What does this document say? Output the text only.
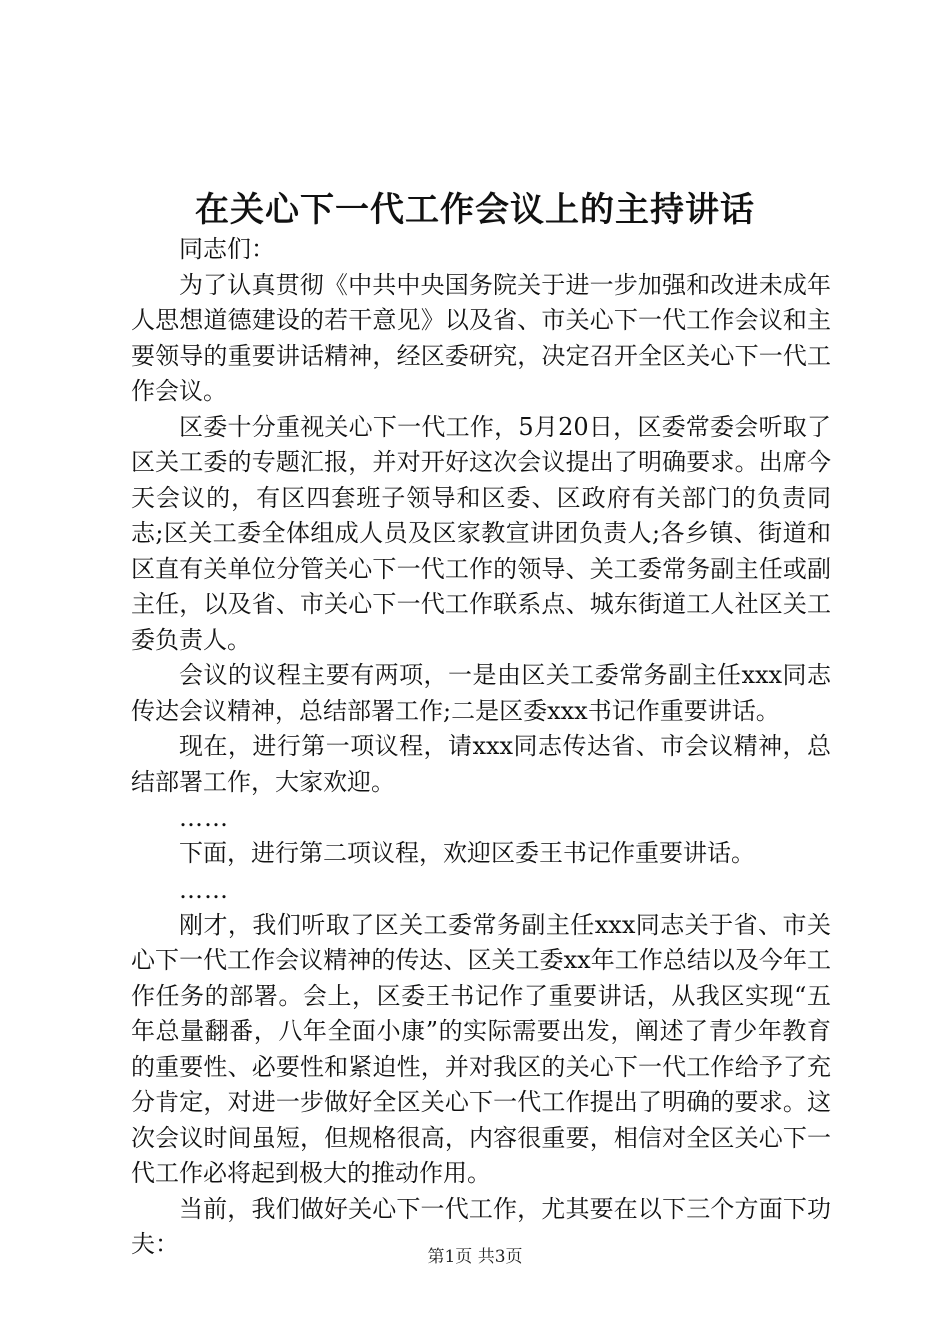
在关心下一代工作会议上的主持讲话

同志们：

为了认真贯彻《中共中央国务院关于进一步加强和改进未成年人思想道德建设的若干意见》以及省、市关心下一代工作会议和主要领导的重要讲话精神，经区委研究，决定召开全区关心下一代工作会议。

区委十分重视关心下一代工作，5月20日，区委常委会听取了区关工委的专题汇报，并对开好这次会议提出了明确要求。出席今天会议的，有区四套班子领导和区委、区政府有关部门的负责同志;区关工委全体组成人员及区家教宣讲团负责人;各乡镇、街道和区直有关单位分管关心下一代工作的领导、关工委常务副主任或副主任，以及省、市关心下一代工作联系点、城东街道工人社区关工委负责人。

会议的议程主要有两项，一是由区关工委常务副主任xxx同志传达会议精神，总结部署工作;二是区委xxx书记作重要讲话。

现在，进行第一项议程，请xxx同志传达省、市会议精神，总结部署工作，大家欢迎。

……

下面，进行第二项议程，欢迎区委王书记作重要讲话。

……

刚才，我们听取了区关工委常务副主任xxx同志关于省、市关心下一代工作会议精神的传达、区关工委xx年工作总结以及今年工作任务的部署。会上，区委王书记作了重要讲话，从我区实现“五年总量翻番，八年全面小康”的实际需要出发，阐述了青少年教育的重要性、必要性和紧迫性，并对我区的关心下一代工作给予了充分肯定，对进一步做好全区关心下一代工作提出了明确的要求。这次会议时间虽短，但规格很高，内容很重要，相信对全区关心下一代工作必将起到极大的推动作用。

当前，我们做好关心下一代工作，尤其要在以下三个方面下功夫：	第1页 共3页
